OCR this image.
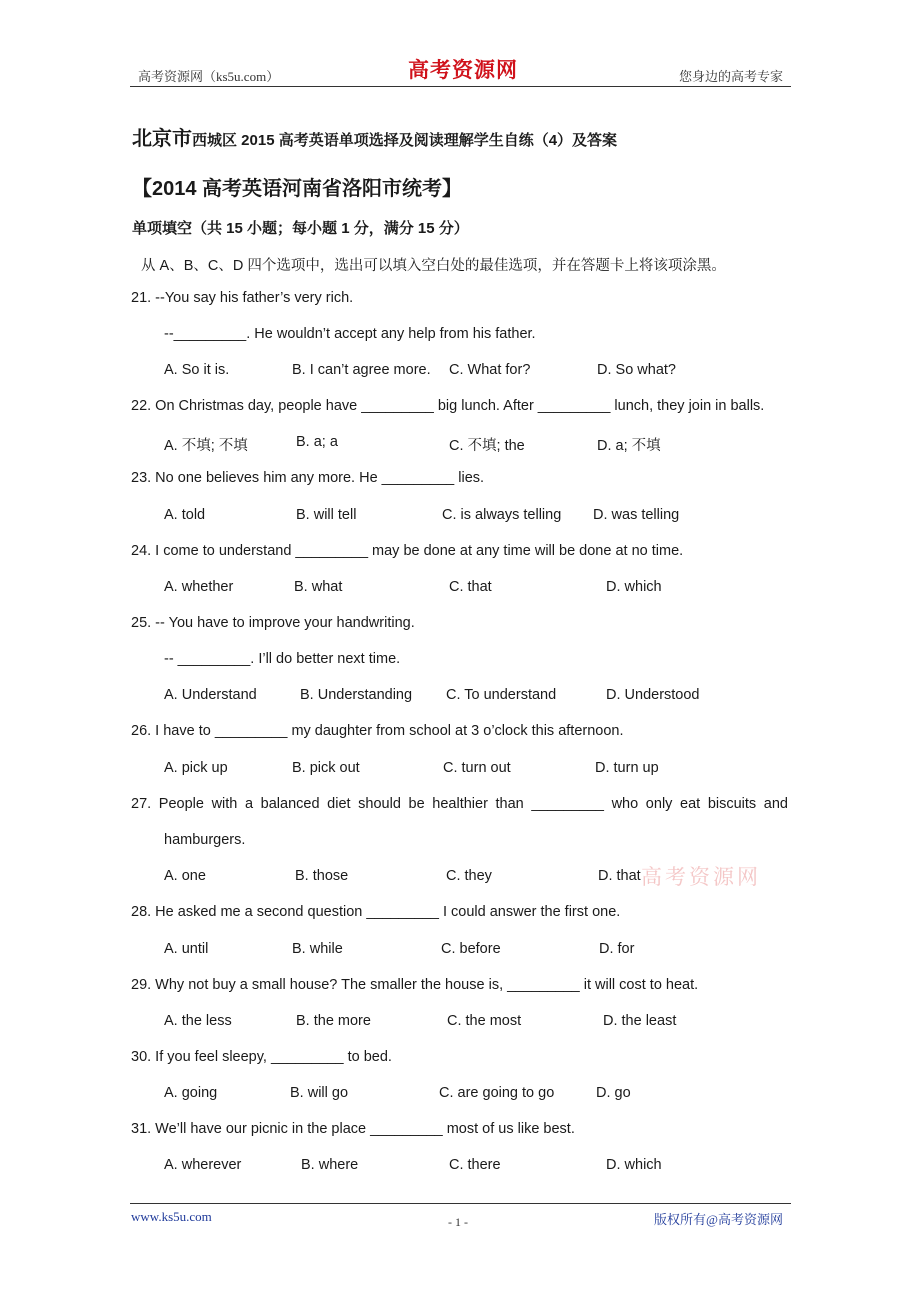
高考资源网（ks5u.com）	高考资源网	您身边的高考专家
北京市西城区 2015 高考英语单项选择及阅读理解学生自练（4）及答案
【2014 高考英语河南省洛阳市统考】
单项填空（共 15 小题；每小题 1 分，满分 15 分）
从 A、B、C、D 四个选项中，选出可以填入空白处的最佳选项，并在答题卡上将该项涂黑。
21. --You say his father’s very rich.
--_________. He wouldn’t accept any help from his father.
A. So it is.	B. I can’t agree more. C. What for?	D. So what?
22. On Christmas day, people have _________ big lunch. After _________ lunch, they join in balls.
A. 不填; 不填	B. a; a	C. 不填; the	D. a; 不填
23. No one believes him any more. He _________ lies.
A. told	B. will tell	C. is always telling D. was telling
24. I come to understand _________ may be done at any time will be done at no time.
A. whether	B. what	C. that	D. which
25. -- You have to improve your handwriting.
-- _________. I’ll do better next time.
A. Understand	B. Understanding C. To understand	D. Understood
26. I have to _________ my daughter from school at 3 o’clock this afternoon.
A. pick up	B. pick out	C. turn out	D. turn up
27. People with a balanced diet should be healthier than _________ who only eat biscuits and
hamburgers.
A. one	B. those	C. they	D. that 高考资源网
28. He asked me a second question _________ I could answer the first one.
A. until	B. while	C. before	D. for
29. Why not buy a small house? The smaller the house is, _________ it will cost to heat.
A. the less	B. the more	C. the most	D. the least
30. If you feel sleepy, _________ to bed.
A. going	B. will go	C. are going to go	D. go
31. We’ll have our picnic in the place _________ most of us like best.
A. wherever	B. where	C. there	D. which
www.ks5u.com	- 1 -	版权所有@高考资源网
